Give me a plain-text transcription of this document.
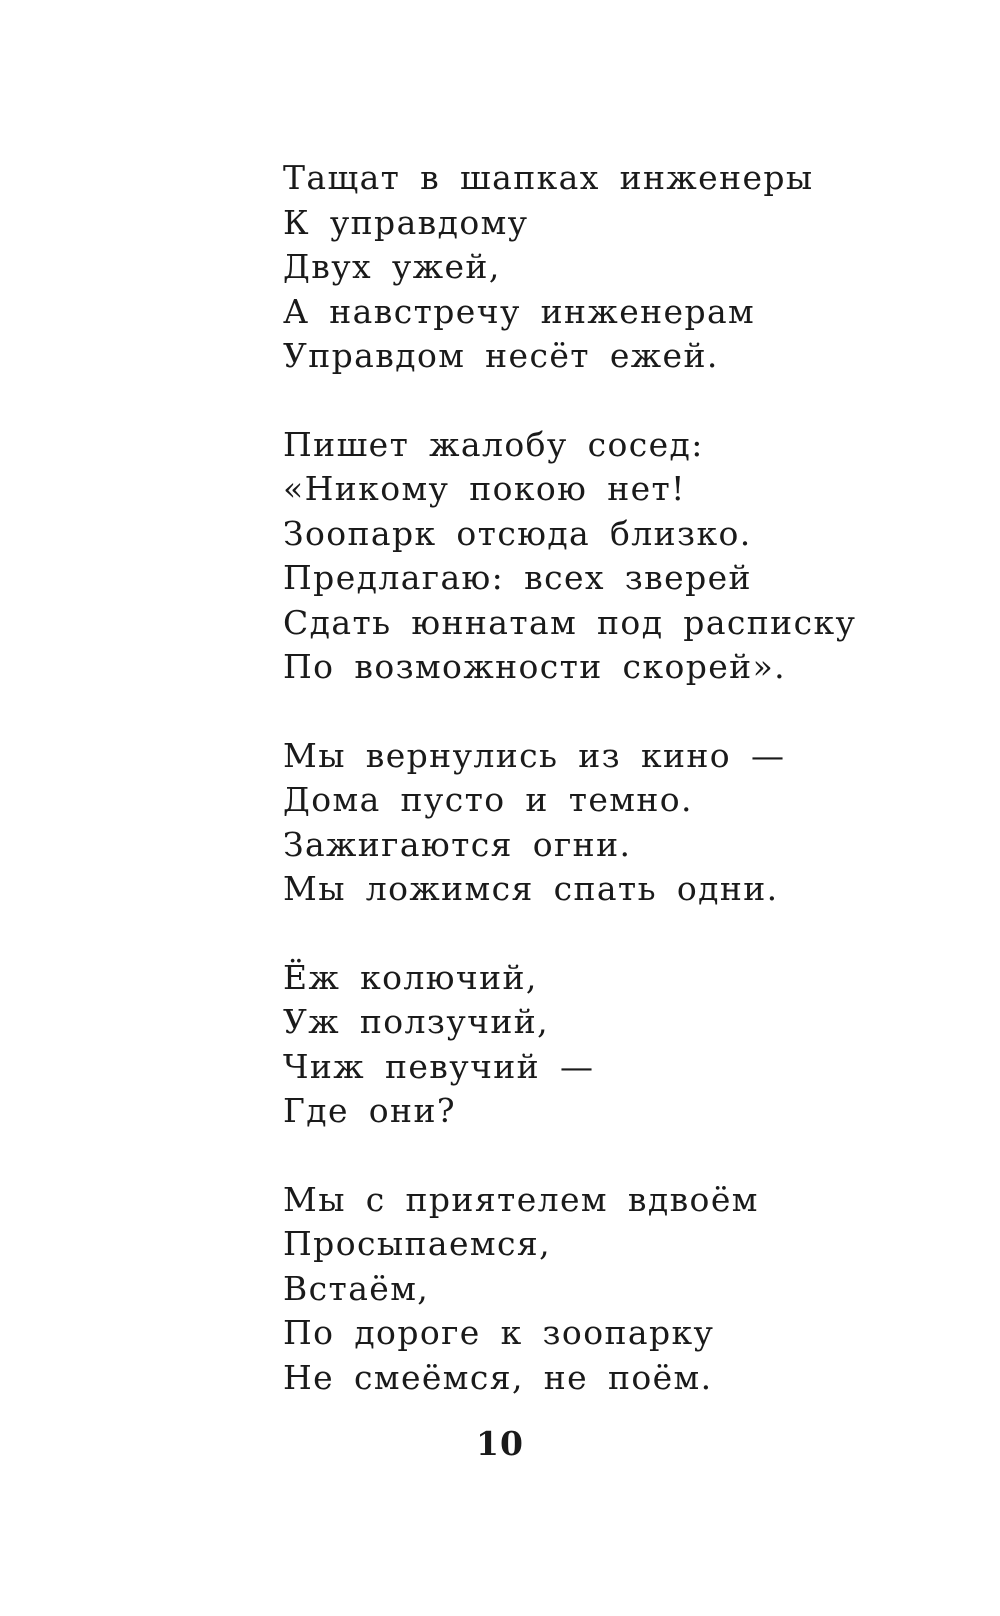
Тащат в шапках инженеры
К управдому
Двух ужей,
А навстречу инженерам
Управдом несёт ежей.
Пишет жалобу сосед:
«Никому покою нет!
Зоопарк отсюда близко.
Предлагаю: всех зверей
Сдать юннатам под расписку
По возможности скорей».
Мы вернулись из кино —
Дома пусто и темно.
Зажигаются огни.
Мы ложимся спать одни.
Ёж колючий,
Уж ползучий,
Чиж певучий —
Где они?
Мы с приятелем вдвоём
Просыпаемся,
Встаём,
По дороге к зоопарку
Не смеёмся, не поём.
10
